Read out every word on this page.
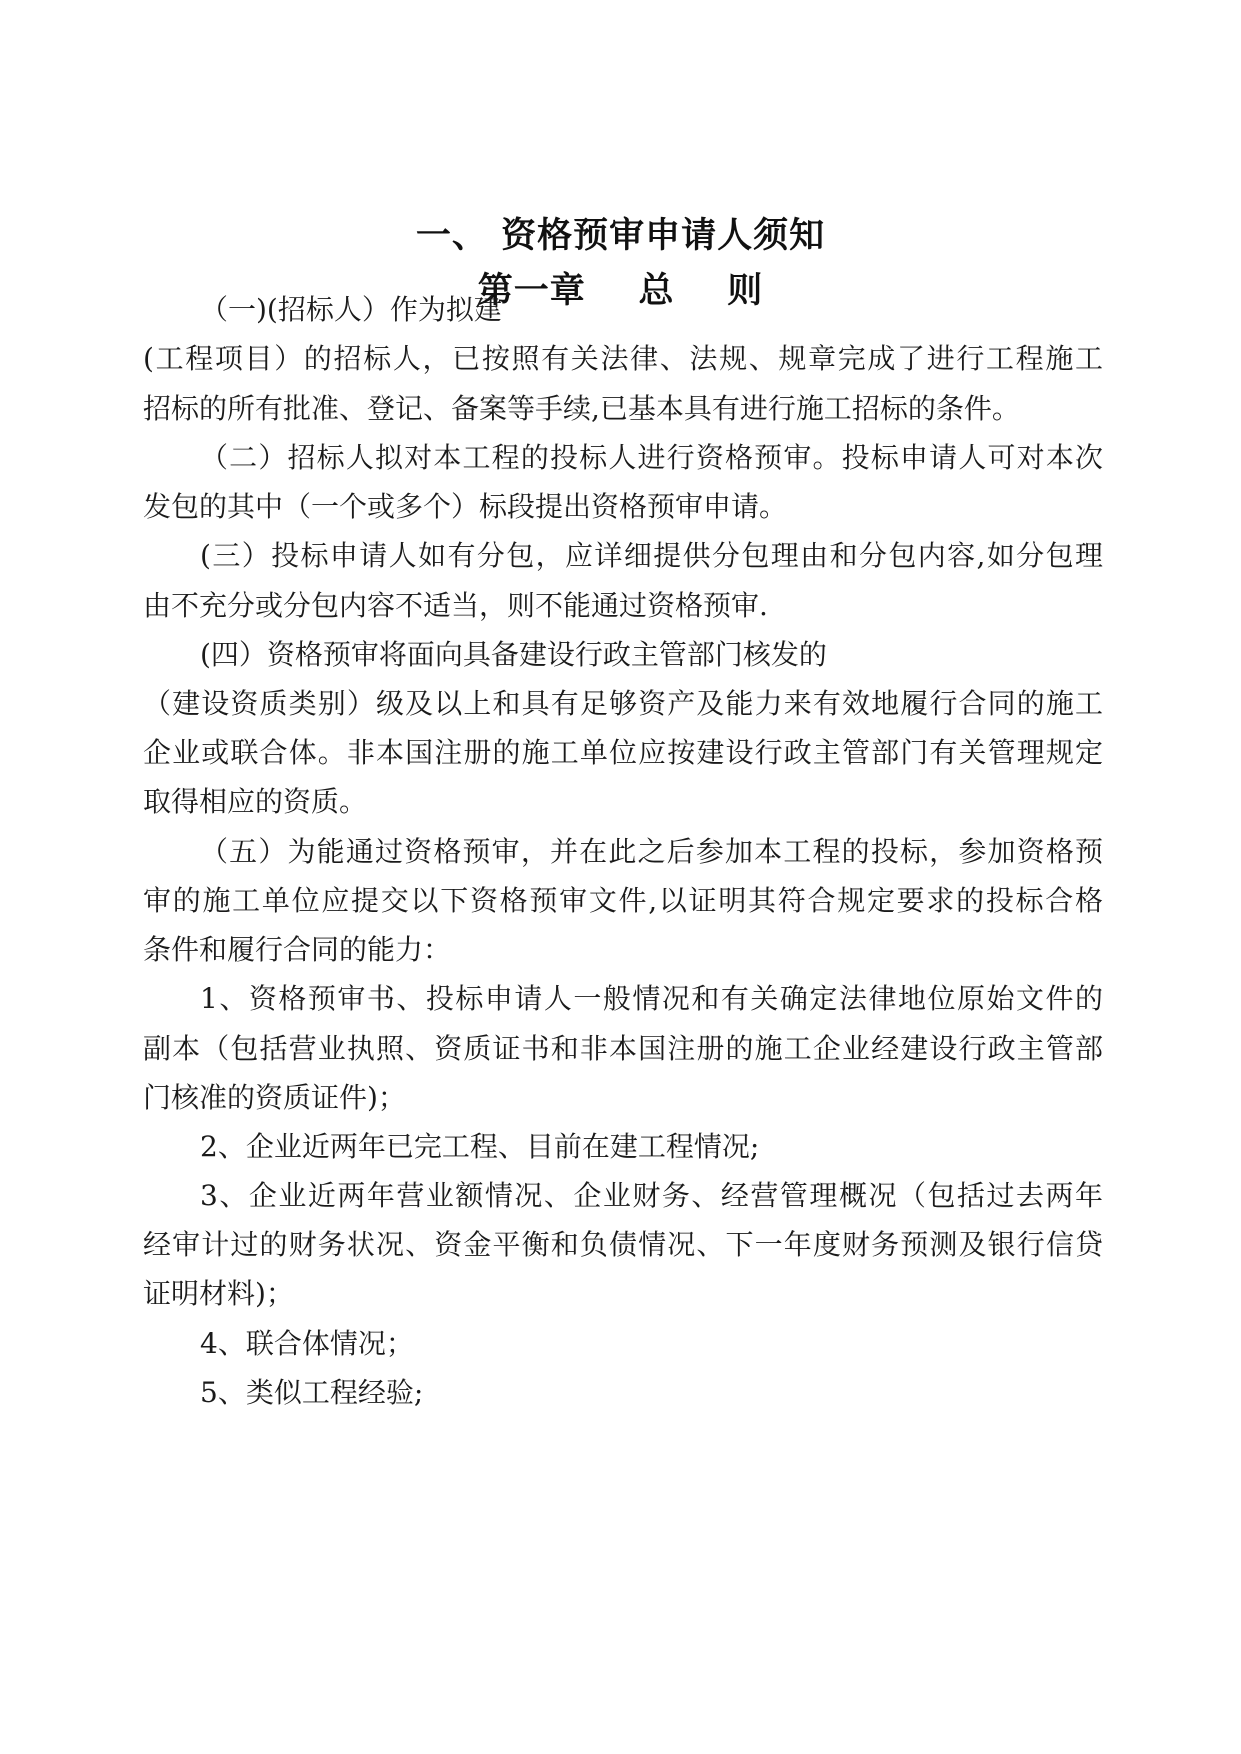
一、 资格预审申请人须知
第一章    总    则
（一)(招标人）作为拟建
(工程项目）的招标人，已按照有关法律、法规、规章完成了进行工程施工
招标的所有批准、登记、备案等手续,已基本具有进行施工招标的条件。
（二）招标人拟对本工程的投标人进行资格预审。投标申请人可对本次
发包的其中（一个或多个）标段提出资格预审申请。
(三）投标申请人如有分包，应详细提供分包理由和分包内容,如分包理
由不充分或分包内容不适当，则不能通过资格预审.
(四）资格预审将面向具备建设行政主管部门核发的
（建设资质类别）级及以上和具有足够资产及能力来有效地履行合同的施工
企业或联合体。非本国注册的施工单位应按建设行政主管部门有关管理规定
取得相应的资质。
（五）为能通过资格预审，并在此之后参加本工程的投标，参加资格预
审的施工单位应提交以下资格预审文件,以证明其符合规定要求的投标合格
条件和履行合同的能力：
1、资格预审书、投标申请人一般情况和有关确定法律地位原始文件的
副本（包括营业执照、资质证书和非本国注册的施工企业经建设行政主管部
门核准的资质证件)；
2、企业近两年已完工程、目前在建工程情况;
3、企业近两年营业额情况、企业财务、经营管理概况（包括过去两年
经审计过的财务状况、资金平衡和负债情况、下一年度财务预测及银行信贷
证明材料)；
4、联合体情况；
5、类似工程经验;
